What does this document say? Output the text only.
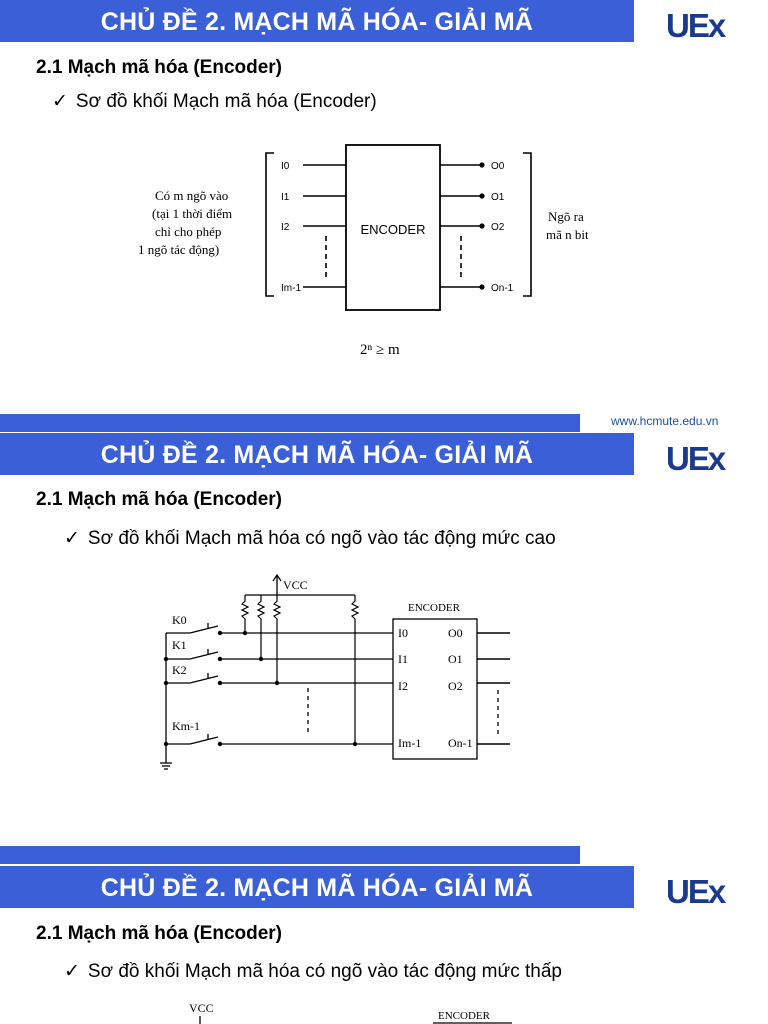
CHỦ ĐỀ 2. MẠCH MÃ HÓA- GIẢI MÃ	UEx
2.1 Mạch mã hóa (Encoder)
✓ Sơ đồ khối Mạch mã hóa (Encoder)
ENCODER
I0
I1
I2
Im-1
O0
O1
O2
On-1
Có m ngõ vào
(tại 1 thời điểm
chỉ cho phép
1 ngõ tác động)
Ngõ ra
mã n bit
2ⁿ ≥ m
www.hcmute.edu.vn
CHỦ ĐỀ 2. MẠCH MÃ HÓA- GIẢI MÃ	UEx
2.1 Mạch mã hóa (Encoder)
✓ Sơ đồ khối Mạch mã hóa có ngõ vào tác động mức cao
VCC
K0
K1
K2
Km-1
ENCODER
I0
I1
I2
Im-1
O0
O1
O2
On-1
CHỦ ĐỀ 2. MẠCH MÃ HÓA- GIẢI MÃ	UEx
2.1 Mạch mã hóa (Encoder)
✓ Sơ đồ khối Mạch mã hóa có ngõ vào tác động mức thấp
VCC
ENCODER
